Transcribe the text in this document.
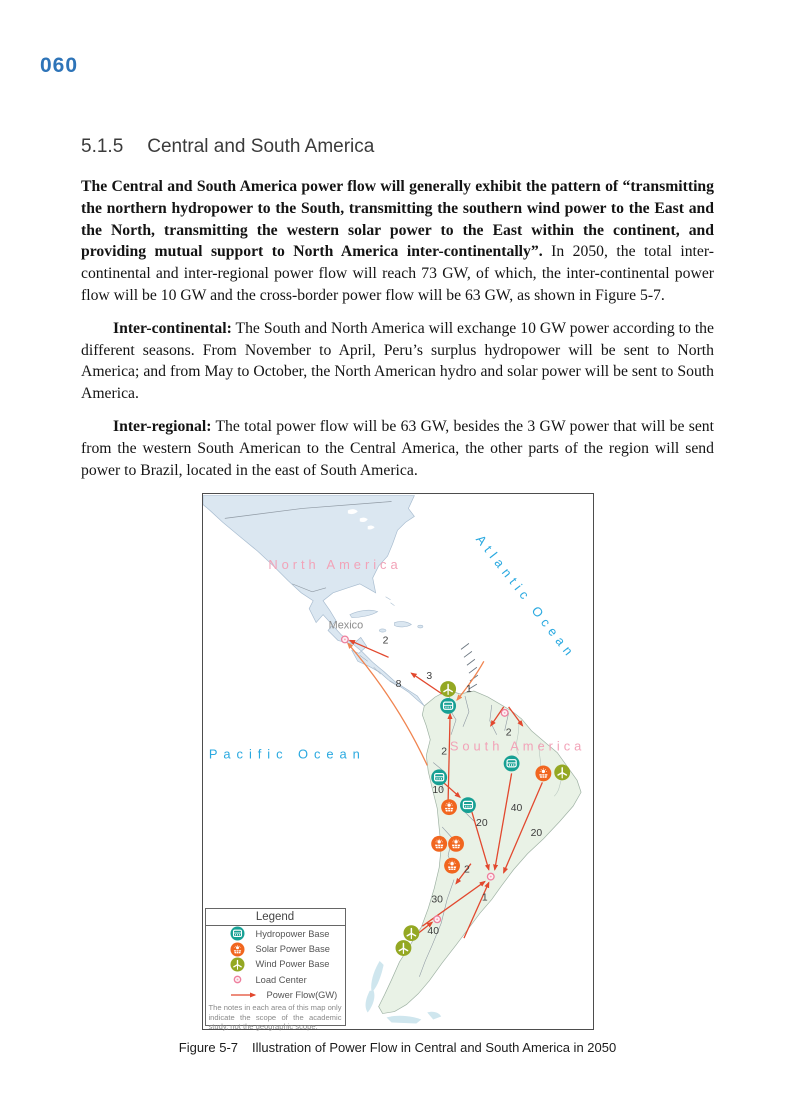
060
5.1.5 Central and South America

The Central and South America power flow will generally exhibit the pattern of “transmitting the northern hydropower to the South, transmitting the southern wind power to the East and the North, transmitting the western solar power to the East within the continent, and providing mutual support to North America inter-continentally”. In 2050, the total inter-continental and inter-regional power flow will reach 73 GW, of which, the inter-continental power flow will be 10 GW and the cross-border power flow will be 63 GW, as shown in Figure 5-7.

Inter-continental: The South and North America will exchange 10 GW power according to the different seasons. From November to April, Peru’s surplus hydropower will be sent to North America; and from May to October, the North American hydro and solar power will be sent to South America.

Inter-regional: The total power flow will be 63 GW, besides the 3 GW power that will be sent from the western South American to the Central America, the other parts of the region will send power to Brazil, located in the east of South America.

8
2
3
1
2
2
10
20
40
20
2
1
30
40
North America	Atlantic Ocean
Mexico
Pacific Ocean
South America
Legend
Hydropower Base
Solar Power Base
Wind Power Base
Load Center
Power Flow(GW)
The notes in each area of this map only indicate the scope of the academic study, not the geographic scope.
Figure 5-7 Illustration of Power Flow in Central and South America in 2050
